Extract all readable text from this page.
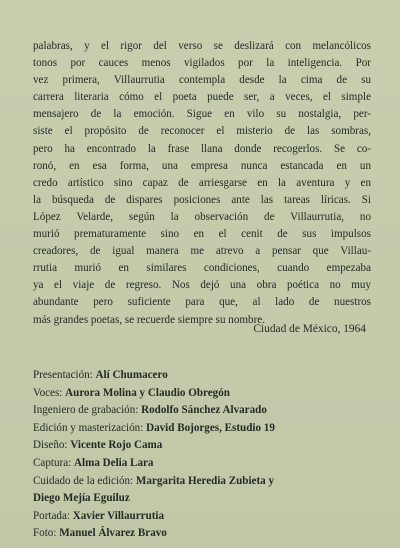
palabras, y el rigor del verso se deslizará con melancólicos
tonos por cauces menos vigilados por la inteligencia. Por
vez primera, Villaurrutia contempla desde la cima de su
carrera literaria cómo el poeta puede ser, a veces, el simple
mensajero de la emoción. Sigue en vilo su nostalgia, per-
siste el propósito de reconocer el misterio de las sombras,
pero ha encontrado la frase llana donde recogerlos. Se co-
ronó, en esa forma, una empresa nunca estancada en un
credo artístico sino capaz de arriesgarse en la aventura y en
la búsqueda de dispares posiciones ante las tareas líricas. Si
López Velarde, según la observación de Villaurrutia, no
murió prematuramente sino en el cenit de sus impulsos
creadores, de igual manera me atrevo a pensar que Villau-
rrutia murió en similares condiciones, cuando empezaba
ya el viaje de regreso. Nos dejó una obra poética no muy
abundante pero suficiente para que, al lado de nuestros
más grandes poetas, se recuerde siempre su nombre.
Ciudad de México, 1964
Presentación: Alí Chumacero
Voces: Aurora Molina y Claudio Obregón
Ingeniero de grabación: Rodolfo Sánchez Alvarado
Edición y masterización: David Bojorges, Estudio 19
Diseño: Vicente Rojo Cama
Captura: Alma Delia Lara
Cuidado de la edición: Margarita Heredia Zubieta y
Diego Mejía Eguiluz
Portada: Xavier Villaurrutia
Foto: Manuel Álvarez Bravo
